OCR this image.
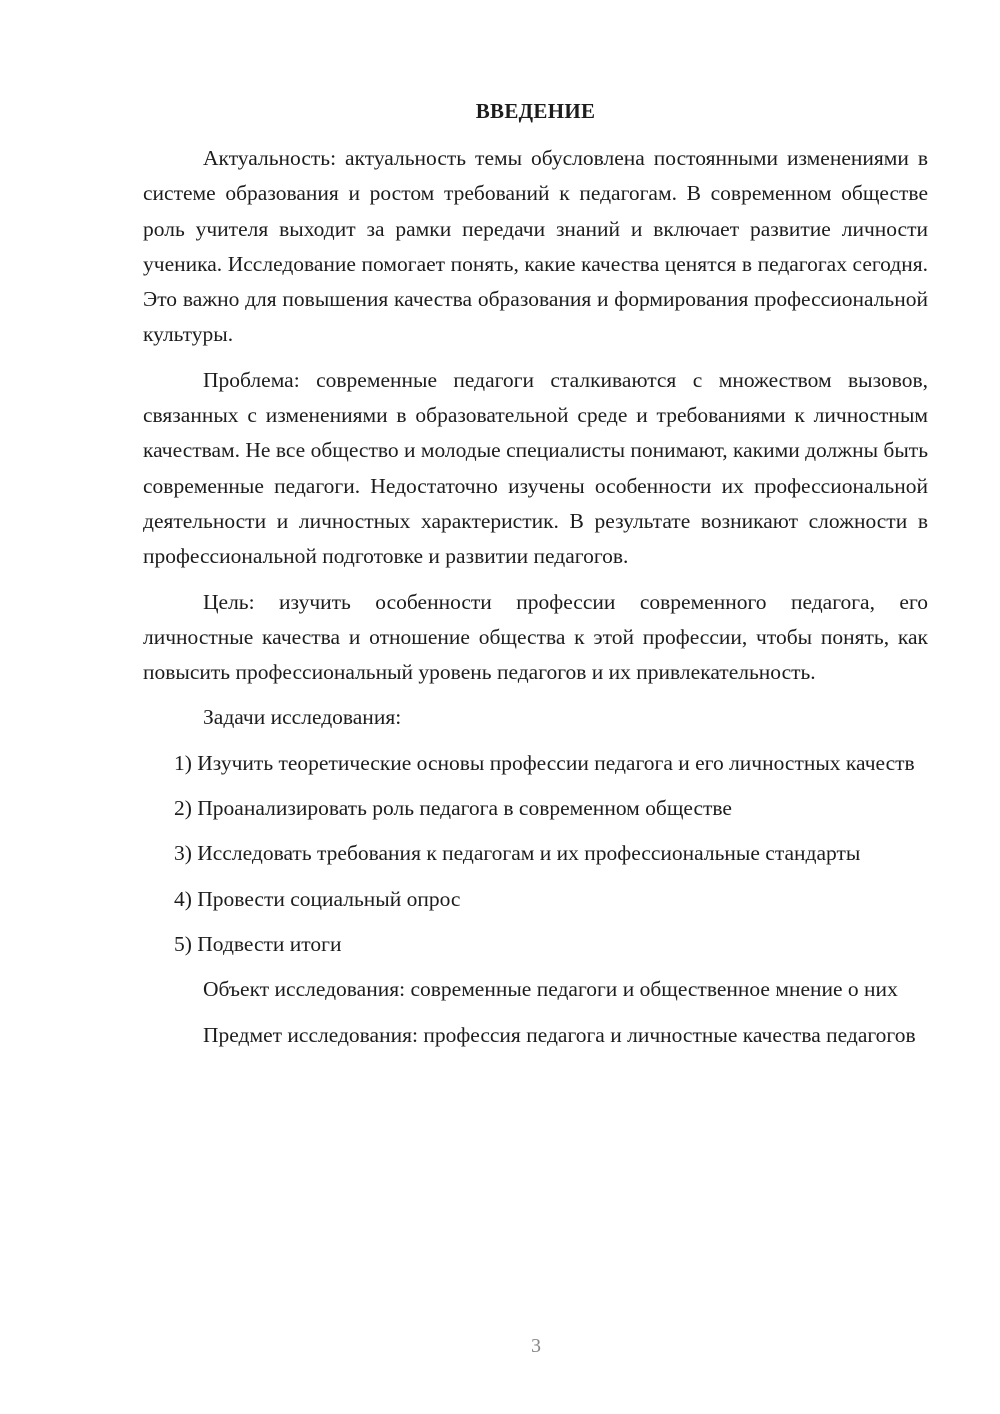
ВВЕДЕНИЕ

Актуальность: актуальность темы обусловлена постоянными изменениями в системе образования и ростом требований к педагогам. В современном обществе роль учителя выходит за рамки передачи знаний и включает развитие личности ученика. Исследование помогает понять, какие качества ценятся в педагогах сегодня. Это важно для повышения качества образования и формирования профессиональной культуры.

Проблема: современные педагоги сталкиваются с множеством вызовов, связанных с изменениями в образовательной среде и требованиями к личностным качествам. Не все общество и молодые специалисты понимают, какими должны быть современные педагоги. Недостаточно изучены особенности их профессиональной деятельности и личностных характеристик. В результате возникают сложности в профессиональной подготовке и развитии педагогов.

Цель: изучить особенности профессии современного педагога, его личностные качества и отношение общества к этой профессии, чтобы понять, как повысить профессиональный уровень педагогов и их привлекательность.

Задачи исследования:

1) Изучить теоретические основы профессии педагога и его личностных качеств

2) Проанализировать роль педагога в современном обществе

3) Исследовать требования к педагогам и их профессиональные стандарты

4) Провести социальный опрос

5) Подвести итоги

Объект исследования: современные педагоги и общественное мнение о них

Предмет исследования: профессия педагога и личностные качества педагогов

3
